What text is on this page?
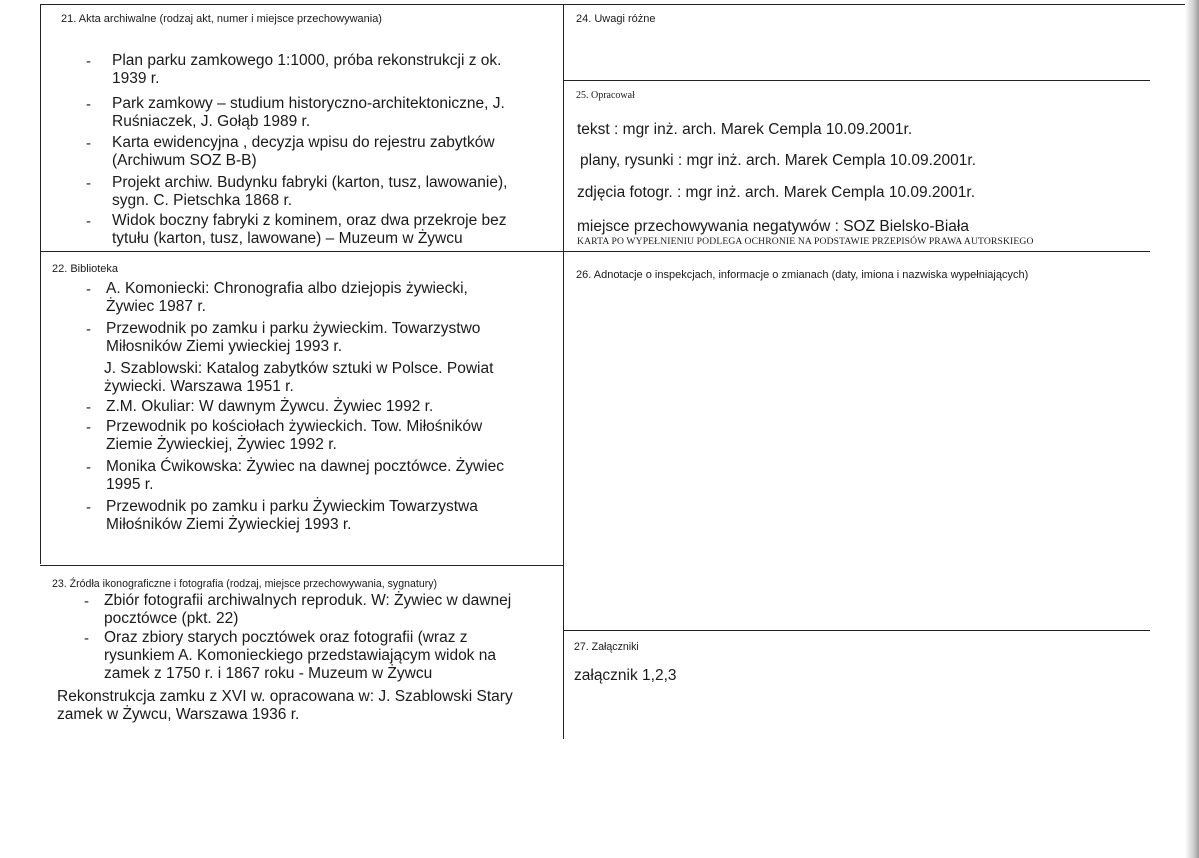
21. Akta archiwalne (rodzaj akt, numer i miejsce przechowywania)
- Plan parku zamkowego 1:1000, próba rekonstrukcji z ok.
1939 r.
- Park zamkowy – studium historyczno-architektoniczne, J.
Ruśniaczek, J. Gołąb 1989 r.
- Karta ewidencyjna , decyzja wpisu do rejestru zabytków
(Archiwum SOZ B-B)
- Projekt archiw. Budynku fabryki (karton, tusz, lawowanie),
sygn. C. Pietschka 1868 r.
- Widok boczny fabryki z kominem, oraz dwa przekroje bez
tytułu (karton, tusz, lawowane) – Muzeum w Żywcu
22. Biblioteka
- A. Komoniecki: Chronografia albo dziejopis żywiecki,
Żywiec 1987 r.
- Przewodnik po zamku i parku żywieckim. Towarzystwo
Miłosników Ziemi ywieckiej 1993 r.
J. Szablowski: Katalog zabytków sztuki w Polsce. Powiat
żywiecki. Warszawa 1951 r.
- Z.M. Okuliar: W dawnym Żywcu. Żywiec 1992 r.
- Przewodnik po kościołach żywieckich. Tow. Miłośników
Ziemie Żywieckiej, Żywiec 1992 r.
- Monika Ćwikowska: Żywiec na dawnej pocztówce. Żywiec
1995 r.
- Przewodnik po zamku i parku Żywieckim Towarzystwa
Miłośników Ziemi Żywieckiej 1993 r.
23. Źródła ikonograficzne i fotografia (rodzaj, miejsce przechowywania, sygnatury)
- Zbiór fotografii archiwalnych reproduk. W: Żywiec w dawnej
pocztówce (pkt. 22)
- Oraz zbiory starych pocztówek oraz fotografii (wraz z
rysunkiem A. Komonieckiego przedstawiającym widok na
zamek z 1750 r. i 1867 roku - Muzeum w Żywcu
Rekonstrukcja zamku z XVI w. opracowana w: J. Szablowski Stary
zamek w Żywcu, Warszawa 1936 r.
24. Uwagi różne
25. Opracował
tekst : mgr inż. arch. Marek Cempla 10.09.2001r.
plany, rysunki : mgr inż. arch. Marek Cempla 10.09.2001r.
zdjęcia fotogr. : mgr inż. arch. Marek Cempla 10.09.2001r.
miejsce przechowywania negatywów : SOZ Bielsko-Biała
KARTA PO WYPEŁNIENIU PODLEGA OCHRONIE NA PODSTAWIE PRZEPISÓW PRAWA AUTORSKIEGO
26. Adnotacje o inspekcjach, informacje o zmianach (daty, imiona i nazwiska wypełniających)
27. Załączniki
załącznik 1,2,3
